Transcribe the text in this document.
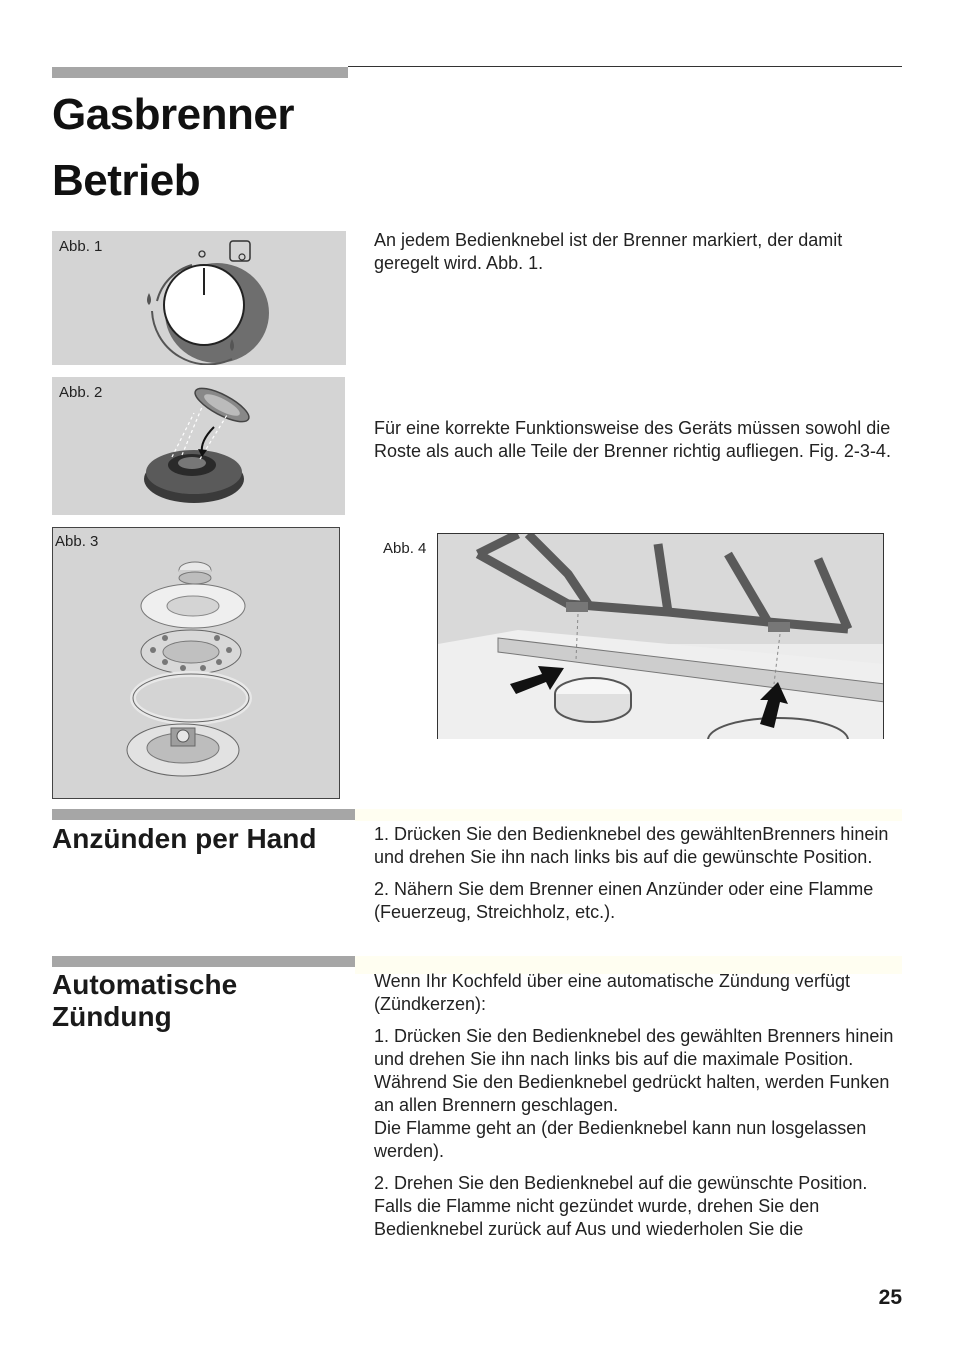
Gasbrenner
Betrieb
Abb. 1
Abb. 2
Abb. 3	Abb. 4
An jedem Bedienknebel ist der Brenner markiert, der damit geregelt wird. Abb. 1.
Für eine korrekte Funktionsweise des Geräts müssen sowohl die Roste als auch alle Teile der Brenner richtig aufliegen. Fig. 2-3-4.
Anzünden per Hand	1. Drücken Sie den Bedienknebel des gewähltenBrenners hinein und drehen Sie ihn nach links bis auf die gewünschte Position.

2. Nähern Sie dem Brenner einen Anzünder oder eine Flamme (Feuerzeug, Streichholz, etc.).

Automatische
Zündung

Wenn Ihr Kochfeld über eine automatische Zündung verfügt (Zündkerzen):

1. Drücken Sie den Bedienknebel des gewählten Brenners hinein und drehen Sie ihn nach links bis auf die maximale Position.
Während Sie den Bedienknebel gedrückt halten, werden Funken an allen Brennern geschlagen.
Die Flamme geht an (der Bedienknebel kann nun losgelassen werden).

2. Drehen Sie den Bedienknebel auf die gewünschte Position.
Falls die Flamme nicht gezündet wurde, drehen Sie den Bedienknebel zurück auf Aus und wiederholen Sie die

25
